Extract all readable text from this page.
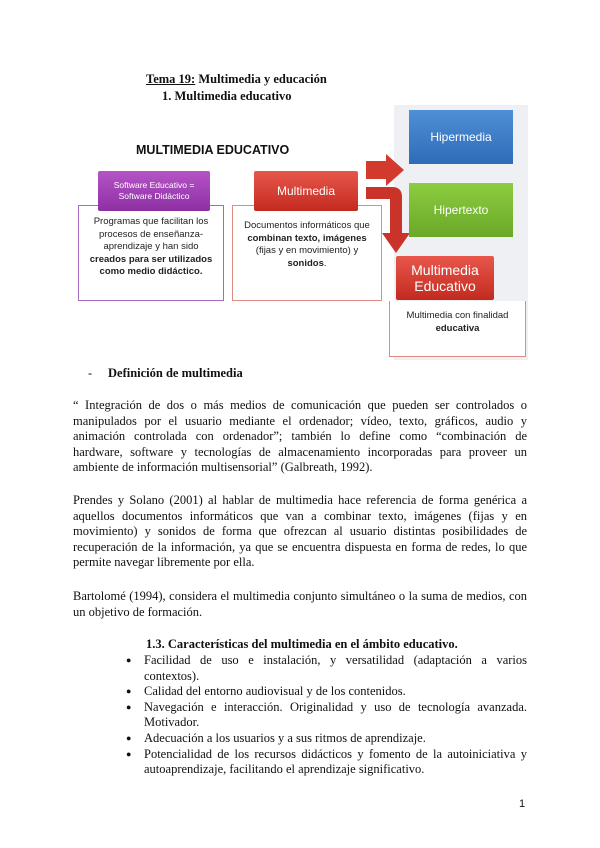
Tema 19: Multimedia y educación
1. Multimedia educativo
MULTIMEDIA EDUCATIVO
Programas que facilitan los procesos de enseñanza-aprendizaje y han sido creados para ser utilizados como medio didáctico.
Documentos informáticos que combinan texto, imágenes (fijas y en movimiento) y sonidos.
Multimedia con finalidad educativa
Software Educativo = Software Didáctico	Multimedia
Hipermedia
Hipertexto
Multimedia Educativo
- Definición de multimedia
“ Integración de dos o más medios de comunicación que pueden ser controlados o manipulados por el usuario mediante el ordenador; vídeo, texto, gráficos, audio y animación controlada con ordenador”; también lo define como “combinación de hardware, software y tecnologías de almacenamiento incorporadas para proveer un ambiente de información multisensorial” (Galbreath, 1992).
Prendes y Solano (2001) al hablar de multimedia hace referencia de forma genérica a aquellos documentos informáticos que van a combinar texto, imágenes (fijas y en movimiento) y sonidos de forma que ofrezcan al usuario distintas posibilidades de recuperación de la información, ya que se encuentra dispuesta en forma de redes, lo que permite navegar libremente por ella.
Bartolomé (1994), considera el multimedia conjunto simultáneo o la suma de medios, con un objetivo de formación.
1.3. Características del multimedia en el ámbito educativo.
● Facilidad de uso e instalación, y versatilidad (adaptación a varios contextos).
● Calidad del entorno audiovisual y de los contenidos.
● Navegación e interacción. Originalidad y uso de tecnología avanzada. Motivador.
● Adecuación a los usuarios y a sus ritmos de aprendizaje.
● Potencialidad de los recursos didácticos y fomento de la autoiniciativa y autoaprendizaje, facilitando el aprendizaje significativo.
1
